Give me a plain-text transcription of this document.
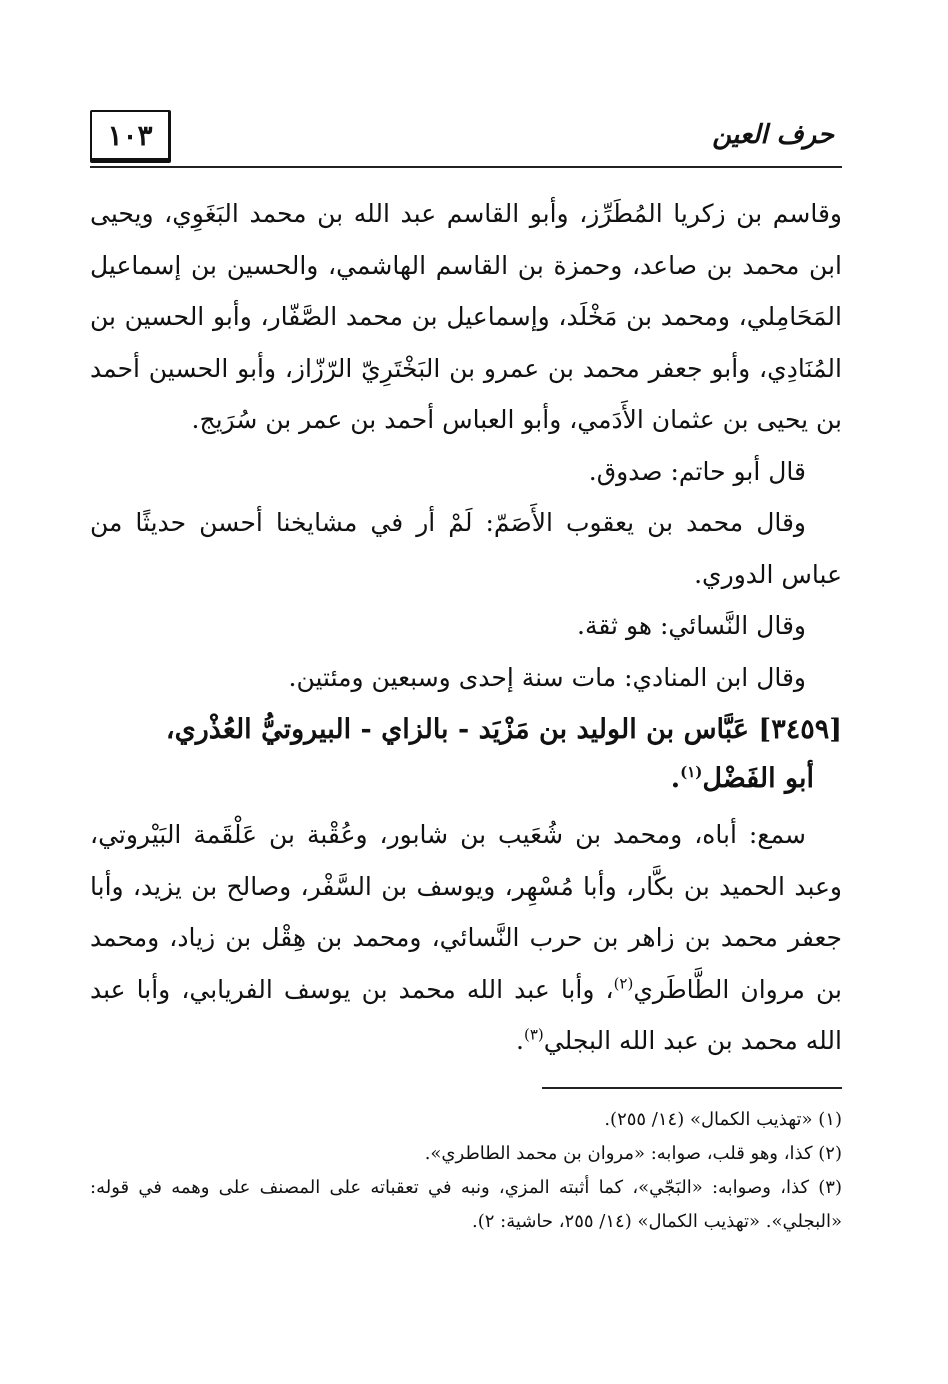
حرف العين
١٠٣

وقاسم بن زكريا المُطَرِّز، وأبو القاسم عبد الله بن محمد البَغَوِي، ويحيى ابن محمد بن صاعد، وحمزة بن القاسم الهاشمي، والحسين بن إسماعيل المَحَامِلي، ومحمد بن مَخْلَد، وإسماعيل بن محمد الصَّفّار، وأبو الحسين بن المُنَادِي، وأبو جعفر محمد بن عمرو بن البَخْتَرِيّ الرّزّاز، وأبو الحسين أحمد بن يحيى بن عثمان الأَدَمي، وأبو العباس أحمد بن عمر بن سُرَيج.

قال أبو حاتم: صدوق.

وقال محمد بن يعقوب الأَصَمّ: لَمْ أر في مشايخنا أحسن حديثًا من عباس الدوري.

وقال النَّسائي: هو ثقة.

وقال ابن المنادي: مات سنة إحدى وسبعين ومئتين.

[٣٤٥٩] عَبَّاس بن الوليد بن مَزْيَد - بالزاي - البيروتيُّ العُذْري،
أبو الفَضْل$^{(١)}$.

سمع: أباه، ومحمد بن شُعَيب بن شابور، وعُقْبة بن عَلْقَمة البَيْروتي، وعبد الحميد بن بكَّار، وأبا مُسْهِر، ويوسف بن السَّفْر، وصالح بن يزيد، وأبا جعفر محمد بن زاهر بن حرب النَّسائي، ومحمد بن هِقْل بن زياد، ومحمد بن مروان الطَّاطَري$^{(٢)}$، وأبا عبد الله محمد بن يوسف الفريابي، وأبا عبد الله محمد بن عبد الله البجلي$^{(٣)}$.

(١) «تهذيب الكمال» (١٤/ ٢٥٥).

(٢) كذا، وهو قلب، صوابه: «مروان بن محمد الطاطري».

(٣) كذا، وصوابه: «البَجّي»، كما أثبته المزي، ونبه في تعقباته على المصنف على وهمه في قوله: «البجلي». «تهذيب الكمال» (١٤/ ٢٥٥، حاشية: ٢).
